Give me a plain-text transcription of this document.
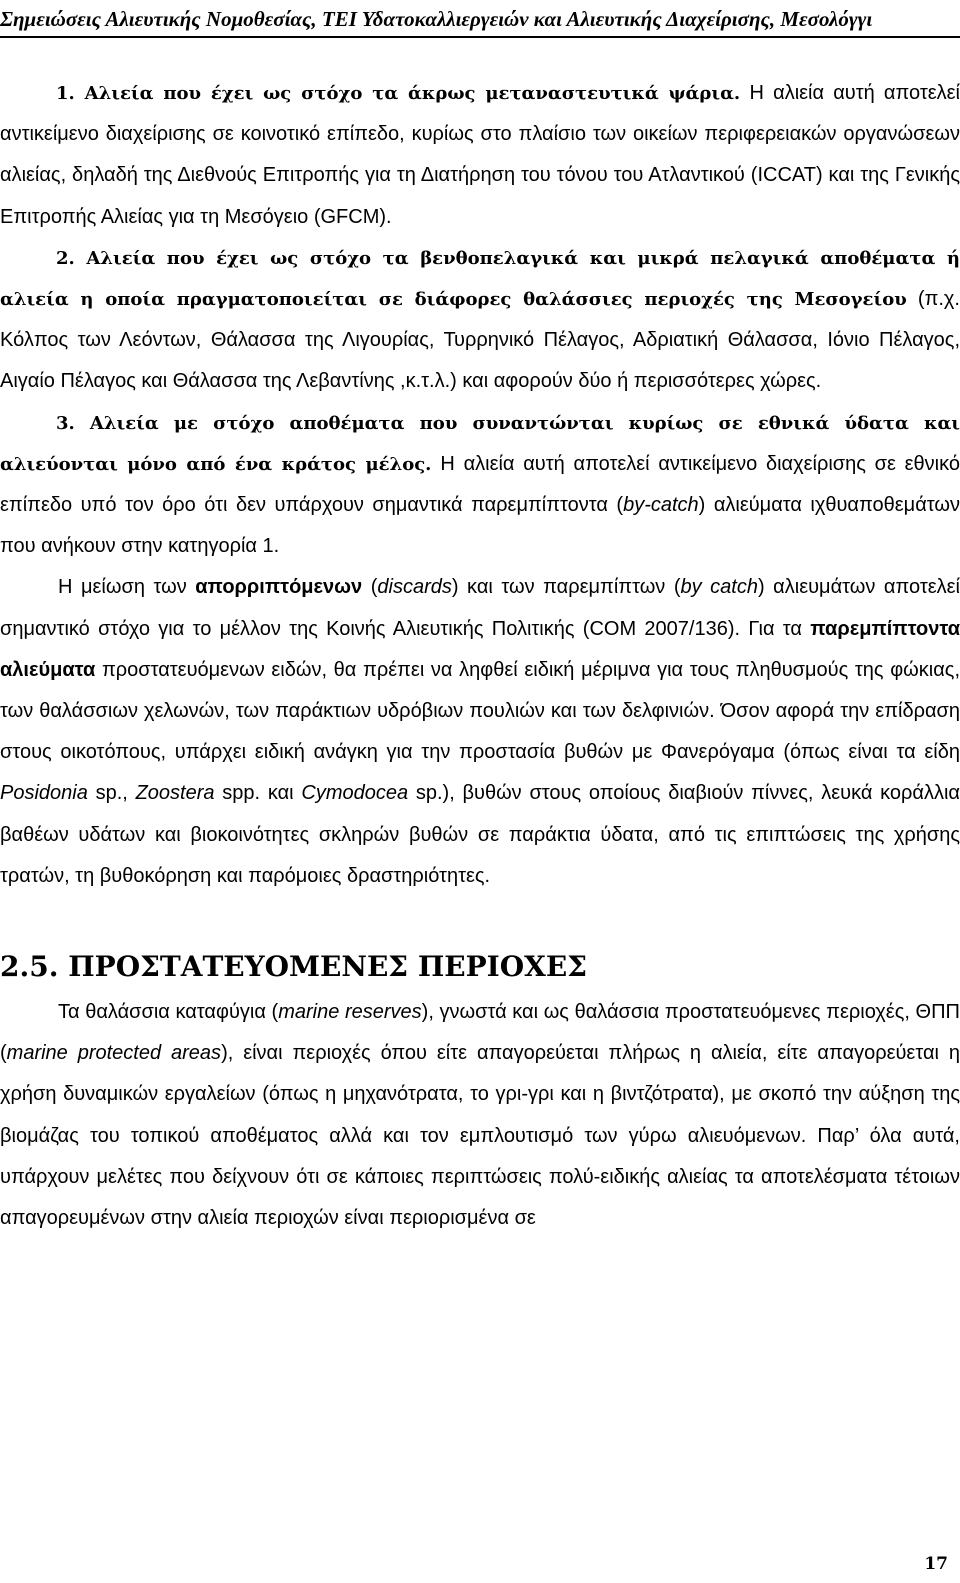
Σημειώσεις Αλιευτικής Νομοθεσίας, ΤΕΙ Υδατοκαλλιεργειών και Αλιευτικής Διαχείρισης, Μεσολόγγι

1. Αλιεία που έχει ως στόχο τα άκρως μεταναστευτικά ψάρια. Η αλιεία αυτή αποτελεί αντικείμενο διαχείρισης σε κοινοτικό επίπεδο, κυρίως στο πλαίσιο των οικείων περιφερειακών οργανώσεων αλιείας, δηλαδή της Διεθνούς Επιτροπής για τη Διατήρηση του τόνου του Ατλαντικού (ICCAT) και της Γενικής Επιτροπής Αλιείας για τη Μεσόγειο (GFCM).

2. Αλιεία που έχει ως στόχο τα βενθοπελαγικά και μικρά πελαγικά αποθέματα ή αλιεία η οποία πραγματοποιείται σε διάφορες θαλάσσιες περιοχές της Μεσογείου (π.χ. Κόλπος των Λεόντων, Θάλασσα της Λιγουρίας, Τυρρηνικό Πέλαγος, Αδριατική Θάλασσα, Ιόνιο Πέλαγος, Αιγαίο Πέλαγος και Θάλασσα της Λεβαντίνης ,κ.τ.λ.) και αφορούν δύο ή περισσότερες χώρες.

3. Αλιεία με στόχο αποθέματα που συναντώνται κυρίως σε εθνικά ύδατα και αλιεύονται μόνο από ένα κράτος μέλος. Η αλιεία αυτή αποτελεί αντικείμενο διαχείρισης σε εθνικό επίπεδο υπό τον όρο ότι δεν υπάρχουν σημαντικά παρεμπίπτοντα (by-catch) αλιεύματα ιχθυαποθεμάτων που ανήκουν στην κατηγορία 1.

Η μείωση των απορριπτόμενων (discards) και των παρεμπίπτων (by catch) αλιευμάτων αποτελεί σημαντικό στόχο για το μέλλον της Κοινής Αλιευτικής Πολιτικής (COM 2007/136). Για τα παρεμπίπτοντα αλιεύματα προστατευόμενων ειδών, θα πρέπει να ληφθεί ειδική μέριμνα για τους πληθυσμούς της φώκιας, των θαλάσσιων χελωνών, των παράκτιων υδρόβιων πουλιών και των δελφινιών. Όσον αφορά την επίδραση στους οικοτόπους, υπάρχει ειδική ανάγκη για την προστασία βυθών με Φανερόγαμα (όπως είναι τα είδη Posidonia sp., Zoostera spp. και Cymodocea sp.), βυθών στους οποίους διαβιούν πίννες, λευκά κοράλλια βαθέων υδάτων και βιοκοινότητες σκληρών βυθών σε παράκτια ύδατα, από τις επιπτώσεις της χρήσης τρατών, τη βυθοκόρηση και παρόμοιες δραστηριότητες.

2.5. ΠΡΟΣΤΑΤΕΥΟΜΕΝΕΣ ΠΕΡΙΟΧΕΣ

Τα θαλάσσια καταφύγια (marine reserves), γνωστά και ως θαλάσσια προστατευόμενες περιοχές, ΘΠΠ (marine protected areas), είναι περιοχές όπου είτε απαγορεύεται πλήρως η αλιεία, είτε απαγορεύεται η χρήση δυναμικών εργαλείων (όπως η μηχανότρατα, το γρι-γρι και η βιντζότρατα), με σκοπό την αύξηση της βιομάζας του τοπικού αποθέματος αλλά και τον εμπλουτισμό των γύρω αλιευόμενων. Παρ’ όλα αυτά, υπάρχουν μελέτες που δείχνουν ότι σε κάποιες περιπτώσεις πολύ-ειδικής αλιείας τα αποτελέσματα τέτοιων απαγορευμένων στην αλιεία περιοχών είναι περιορισμένα σε

17
